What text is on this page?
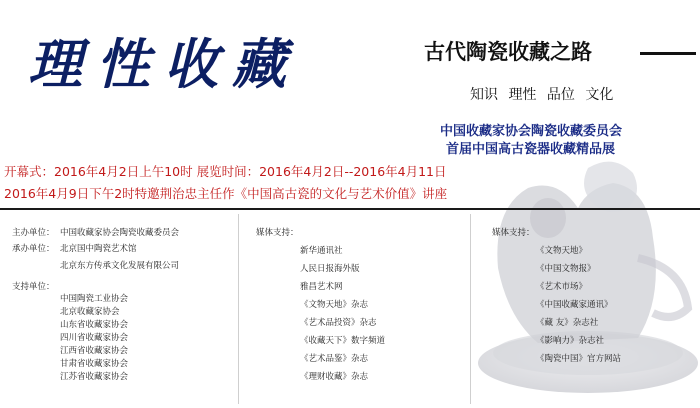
理性收藏	古代陶瓷收藏之路
知识 理性 品位 文化
中国收藏家协会陶瓷收藏委员会
首届中国高古瓷器收藏精品展
开幕式：2016年4月2日上午10时 展览时间：2016年4月2日--2016年4月11日
2016年4月9日下午2时特邀荆治忠主任作《中国高古瓷的文化与艺术价值》讲座
主办单位： 中国收藏家协会陶瓷收藏委员会
承办单位： 北京国中陶瓷艺术馆
北京东方传承文化发展有限公司
支持单位：
中国陶瓷工业协会
北京收藏家协会
山东省收藏家协会
四川省收藏家协会
江西省收藏家协会
甘肃省收藏家协会
江苏省收藏家协会
媒体支持：
新华通讯社
人民日报海外版
雅昌艺术网
《文物天地》杂志
《艺术品投资》杂志
《收藏天下》数字频道
《艺术品鉴》杂志
《理财收藏》杂志
媒体支持：
《文物天地》
《中国文物报》
《艺术市场》
《中国收藏家通讯》
《藏 友》杂志社
《影响力》杂志社
《陶瓷中国》官方网站
